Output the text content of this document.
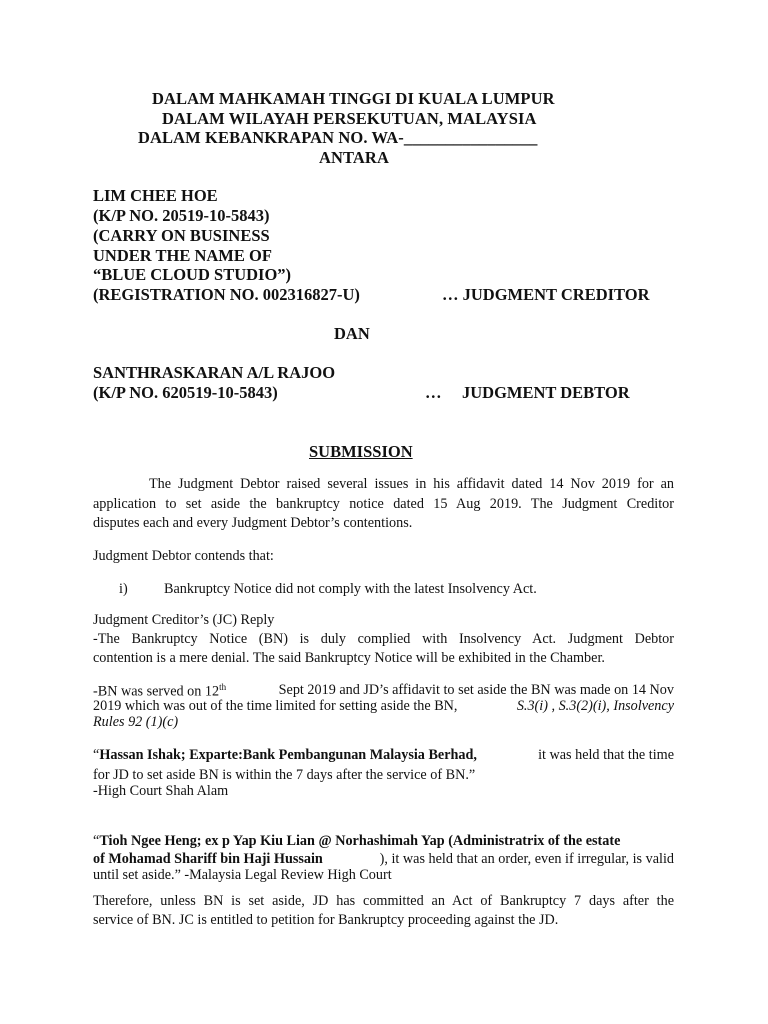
DALAM MAHKAMAH TINGGI DI KUALA LUMPUR
DALAM WILAYAH PERSEKUTUAN, MALAYSIA
DALAM KEBANKRAPAN NO. WA-________________
ANTARA
LIM CHEE HOE
(K/P NO. 20519-10-5843)
(CARRY ON BUSINESS
UNDER THE NAME OF
“BLUE CLOUD STUDIO”)
(REGISTRATION NO. 002316827-U)	… JUDGMENT CREDITOR
DAN
SANTHRASKARAN A/L RAJOO
(K/P NO. 620519-10-5843)	… JUDGMENT DEBTOR
SUBMISSION
The Judgment Debtor raised several issues in his affidavit dated 14 Nov 2019 for an
application to set aside the bankruptcy notice dated 15 Aug 2019. The Judgment Creditor
disputes each and every Judgment Debtor’s contentions.
Judgment Debtor contends that:
i)	Bankruptcy Notice did not comply with the latest Insolvency Act.
Judgment Creditor’s (JC) Reply
-The Bankruptcy Notice (BN) is duly complied with Insolvency Act. Judgment Debtor
contention is a mere denial. The said Bankruptcy Notice will be exhibited in the Chamber.
-BN was served on 12th	Sept 2019 and JD’s affidavit to set aside the BN was made on 14 Nov
2019 which was out of the time limited for setting aside the BN,	S.3(i) , S.3(2)(i), Insolvency
Rules 92 (1)(c)
“Hassan Ishak; Exparte:Bank Pembangunan Malaysia Berhad,	it was held that the time
for JD to set aside BN is within the 7 days after the service of BN.”
-High Court Shah Alam
“Tioh Ngee Heng; ex p Yap Kiu Lian @ Norhashimah Yap (Administratrix of the estate
of Mohamad Shariff bin Haji Hussain	), it was held that an order, even if irregular, is valid
until set aside.” -Malaysia Legal Review High Court
Therefore, unless BN is set aside, JD has committed an Act of Bankruptcy 7 days after the
service of BN. JC is entitled to petition for Bankruptcy proceeding against the JD.
